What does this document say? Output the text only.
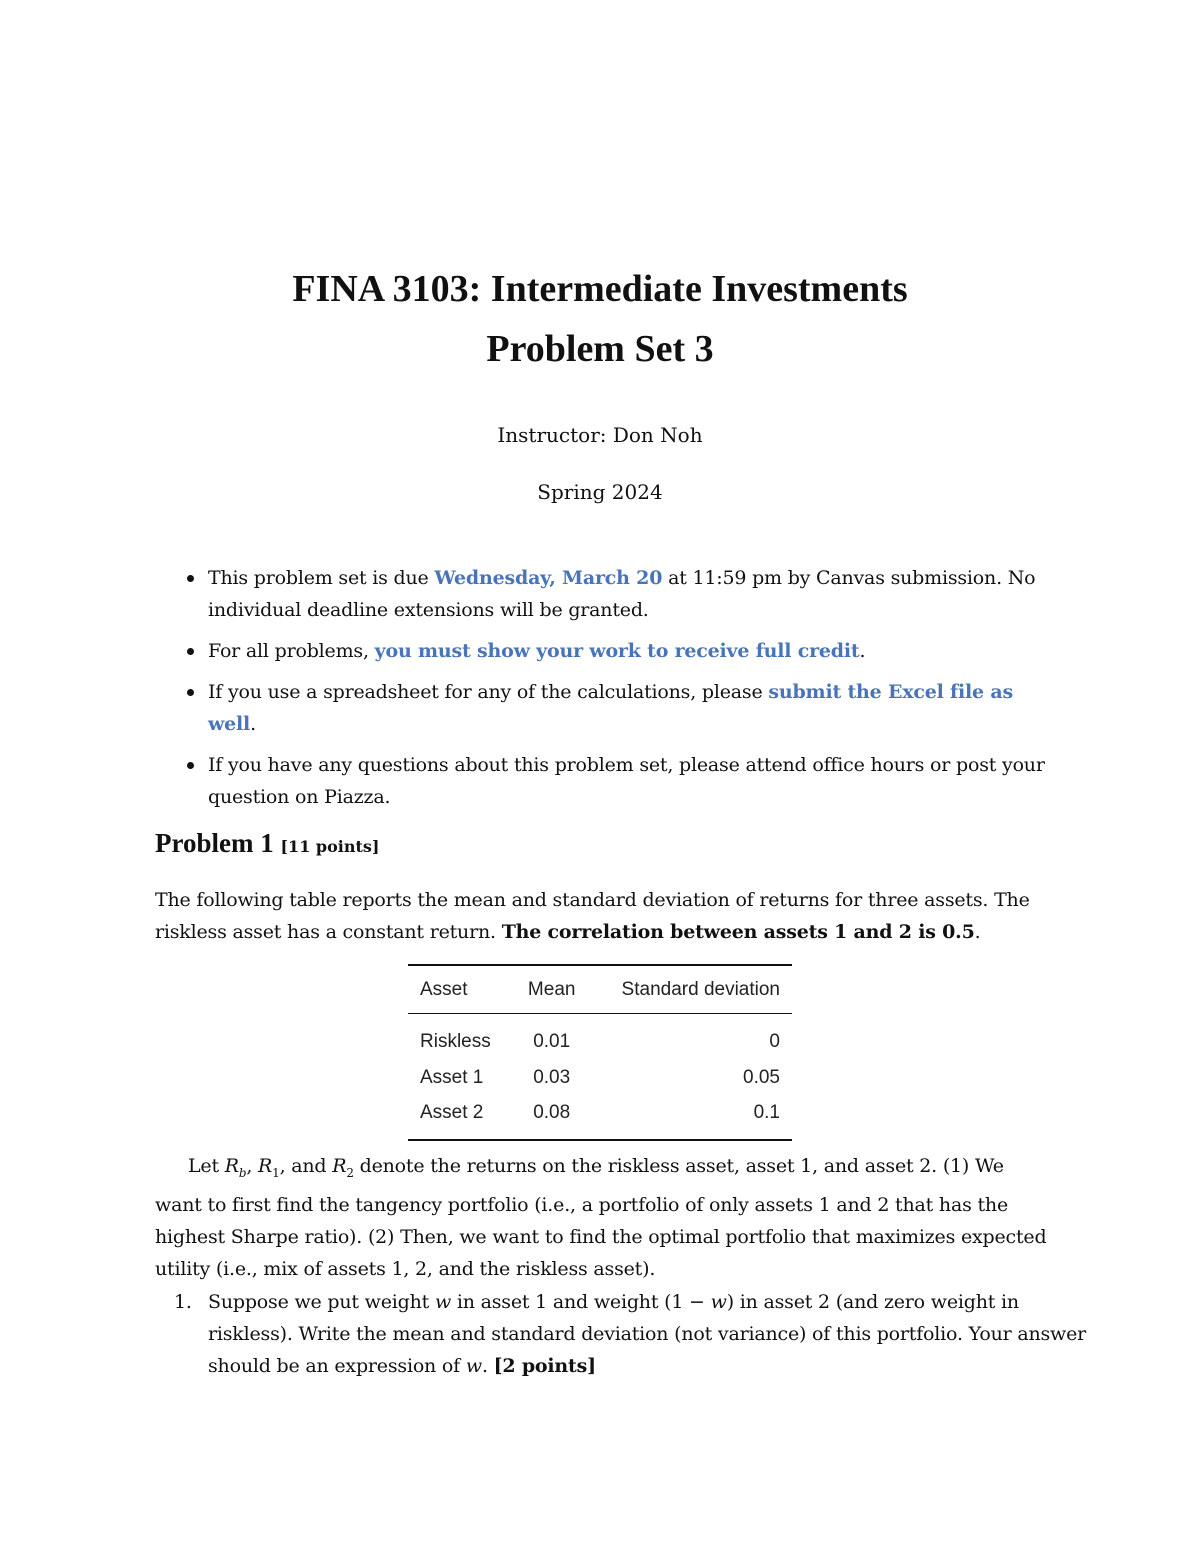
FINA 3103: Intermediate Investments
Problem Set 3
Instructor: Don Noh
Spring 2024
This problem set is due Wednesday, March 20 at 11:59 pm by Canvas submission. No individual deadline extensions will be granted.
For all problems, you must show your work to receive full credit.
If you use a spreadsheet for any of the calculations, please submit the Excel file as well.
If you have any questions about this problem set, please attend office hours or post your question on Piazza.
Problem 1 [11 points]

The following table reports the mean and standard deviation of returns for three assets. The riskless asset has a constant return. The correlation between assets 1 and 2 is 0.5.

Asset	Mean	Standard deviation
Riskless	0.01	0
Asset 1	0.03	0.05
Asset 2	0.08	0.1

Let $R_b$, $R_1$, and $R_2$ denote the returns on the riskless asset, asset 1, and asset 2. (1) We want to first find the tangency portfolio (i.e., a portfolio of only assets 1 and 2 that has the highest Sharpe ratio). (2) Then, we want to find the optimal portfolio that maximizes expected utility (i.e., mix of assets 1, 2, and the riskless asset).

1. Suppose we put weight w in asset 1 and weight (1 − w) in asset 2 (and zero weight in riskless). Write the mean and standard deviation (not variance) of this portfolio. Your answer should be an expression of w. [2 points]
